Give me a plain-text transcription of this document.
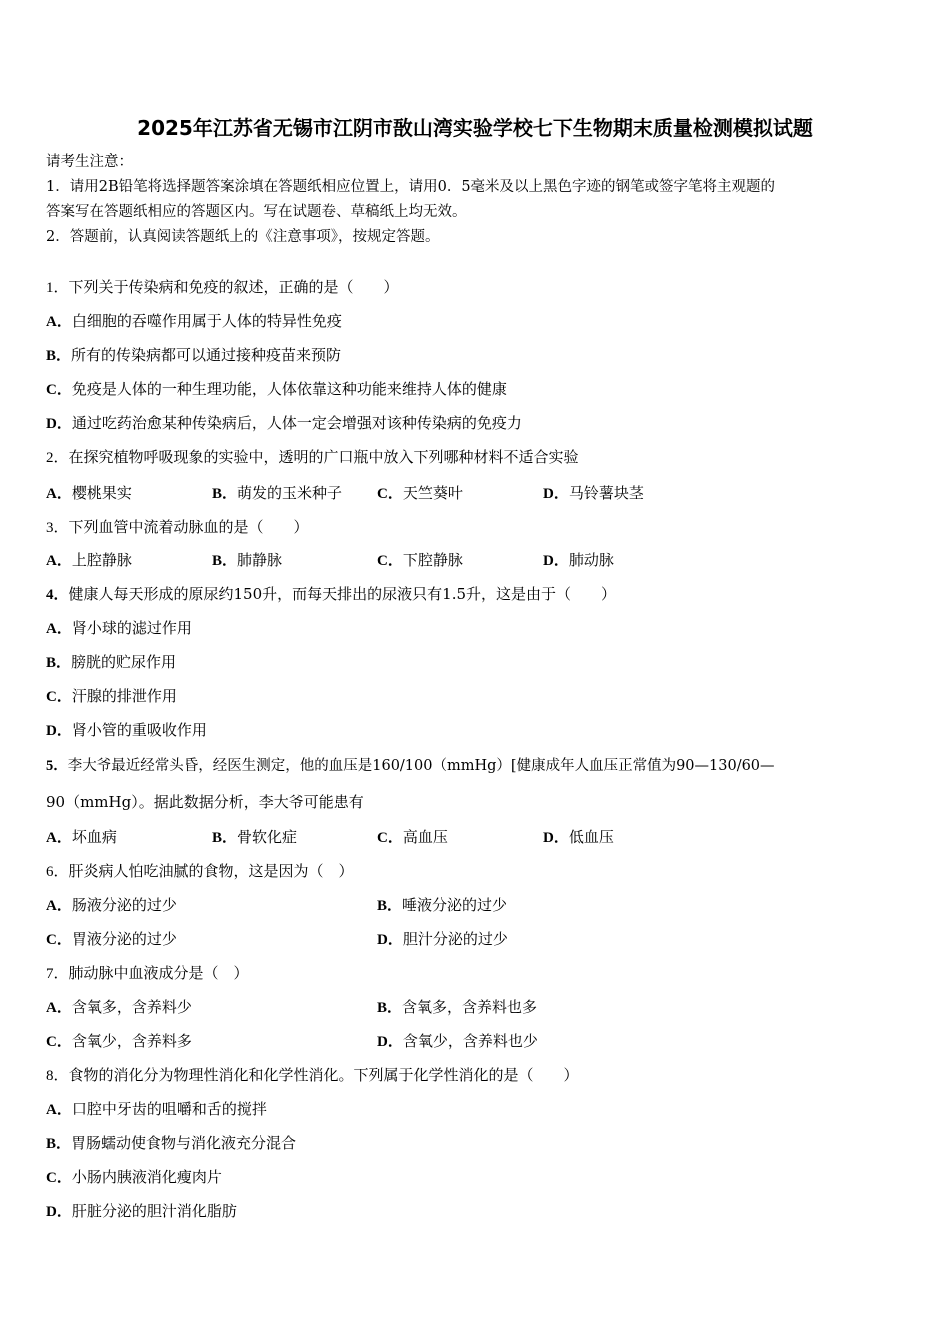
2025年江苏省无锡市江阴市敔山湾实验学校七下生物期末质量检测模拟试题

请考生注意：

1．请用2B铅笔将选择题答案涂填在答题纸相应位置上，请用0．5毫米及以上黑色字迹的钢笔或签字笔将主观题的

答案写在答题纸相应的答题区内。写在试题卷、草稿纸上均无效。

2．答题前，认真阅读答题纸上的《注意事项》，按规定答题。

1．下列关于传染病和免疫的叙述，正确的是（　　）
A．白细胞的吞噬作用属于人体的特异性免疫
B．所有的传染病都可以通过接种疫苗来预防
C．免疫是人体的一种生理功能，人体依靠这种功能来维持人体的健康
D．通过吃药治愈某种传染病后，人体一定会增强对该种传染病的免疫力
2．在探究植物呼吸现象的实验中，透明的广口瓶中放入下列哪种材料不适合实验
A．樱桃果实	B．萌发的玉米种子 C．天竺葵叶	D．马铃薯块茎
3．下列血管中流着动脉血的是（　　）
A．上腔静脉	B．肺静脉	C．下腔静脉	D．肺动脉
4．健康人每天形成的原尿约150升，而每天排出的尿液只有1.5升，这是由于（　　）
A．肾小球的滤过作用
B．膀胱的贮尿作用
C．汗腺的排泄作用
D．肾小管的重吸收作用
5．李大爷最近经常头昏，经医生测定，他的血压是160/100（mmHg）[健康成年人血压正常值为90—130/60—
90（mmHg）。据此数据分析，李大爷可能患有
A．坏血病	B．骨软化症	C．高血压	D．低血压
6．肝炎病人怕吃油腻的食物，这是因为（　）
A．肠液分泌的过少	B．唾液分泌的过少
C．胃液分泌的过少	D．胆汁分泌的过少
7．肺动脉中血液成分是（　）
A．含氧多，含养料少	B．含氧多，含养料也多
C．含氧少，含养料多	D．含氧少，含养料也少
8．食物的消化分为物理性消化和化学性消化。下列属于化学性消化的是（　　）
A．口腔中牙齿的咀嚼和舌的搅拌
B．胃肠蠕动使食物与消化液充分混合
C．小肠内胰液消化瘦肉片
D．肝脏分泌的胆汁消化脂肪
